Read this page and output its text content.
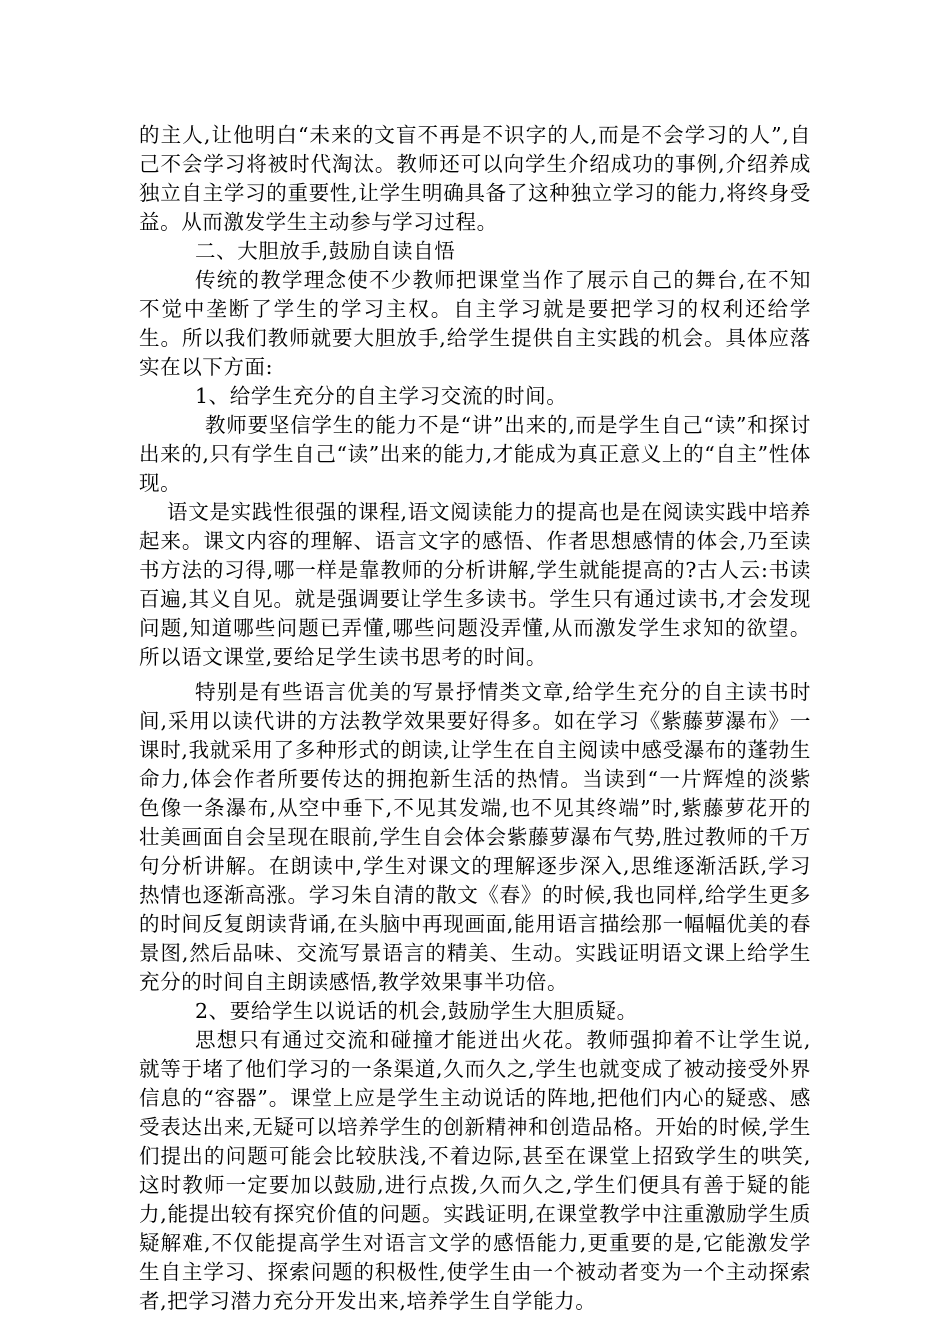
的主人,让他明白“未来的文盲不再是不识字的人,而是不会学习的人”,自己不会学习将被时代淘汰。教师还可以向学生介绍成功的事例,介绍养成独立自主学习的重要性,让学生明确具备了这种独立学习的能力,将终身受益。从而激发学生主动参与学习过程。

二、大胆放手,鼓励自读自悟

传统的教学理念使不少教师把课堂当作了展示自己的舞台,在不知不觉中垄断了学生的学习主权。自主学习就是要把学习的权利还给学生。所以我们教师就要大胆放手,给学生提供自主实践的机会。具体应落实在以下方面:

1、给学生充分的自主学习交流的时间。

教师要坚信学生的能力不是“讲”出来的,而是学生自己“读”和探讨出来的,只有学生自己“读”出来的能力,才能成为真正意义上的“自主”性体现。

语文是实践性很强的课程,语文阅读能力的提高也是在阅读实践中培养起来。课文内容的理解、语言文字的感悟、作者思想感情的体会,乃至读书方法的习得,哪一样是靠教师的分析讲解,学生就能提高的?古人云:书读百遍,其义自见。就是强调要让学生多读书。学生只有通过读书,才会发现问题,知道哪些问题已弄懂,哪些问题没弄懂,从而激发学生求知的欲望。所以语文课堂,要给足学生读书思考的时间。

特别是有些语言优美的写景抒情类文章,给学生充分的自主读书时间,采用以读代讲的方法教学效果要好得多。如在学习《紫藤萝瀑布》一课时,我就采用了多种形式的朗读,让学生在自主阅读中感受瀑布的蓬勃生命力,体会作者所要传达的拥抱新生活的热情。当读到“一片辉煌的淡紫色像一条瀑布,从空中垂下,不见其发端,也不见其终端”时,紫藤萝花开的壮美画面自会呈现在眼前,学生自会体会紫藤萝瀑布气势,胜过教师的千万句分析讲解。在朗读中,学生对课文的理解逐步深入,思维逐渐活跃,学习热情也逐渐高涨。学习朱自清的散文《春》的时候,我也同样,给学生更多的时间反复朗读背诵,在头脑中再现画面,能用语言描绘那一幅幅优美的春景图,然后品味、交流写景语言的精美、生动。实践证明语文课上给学生充分的时间自主朗读感悟,教学效果事半功倍。

2、要给学生以说话的机会,鼓励学生大胆质疑。

思想只有通过交流和碰撞才能迸出火花。教师强抑着不让学生说,就等于堵了他们学习的一条渠道,久而久之,学生也就变成了被动接受外界信息的“容器”。课堂上应是学生主动说话的阵地,把他们内心的疑惑、感受表达出来,无疑可以培养学生的创新精神和创造品格。开始的时候,学生们提出的问题可能会比较肤浅,不着边际,甚至在课堂上招致学生的哄笑,这时教师一定要加以鼓励,进行点拨,久而久之,学生们便具有善于疑的能力,能提出较有探究价值的问题。实践证明,在课堂教学中注重激励学生质疑解难,不仅能提高学生对语言文学的感悟能力,更重要的是,它能激发学生自主学习、探索问题的积极性,使学生由一个被动者变为一个主动探索者,把学习潜力充分开发出来,培养学生自学能力。
